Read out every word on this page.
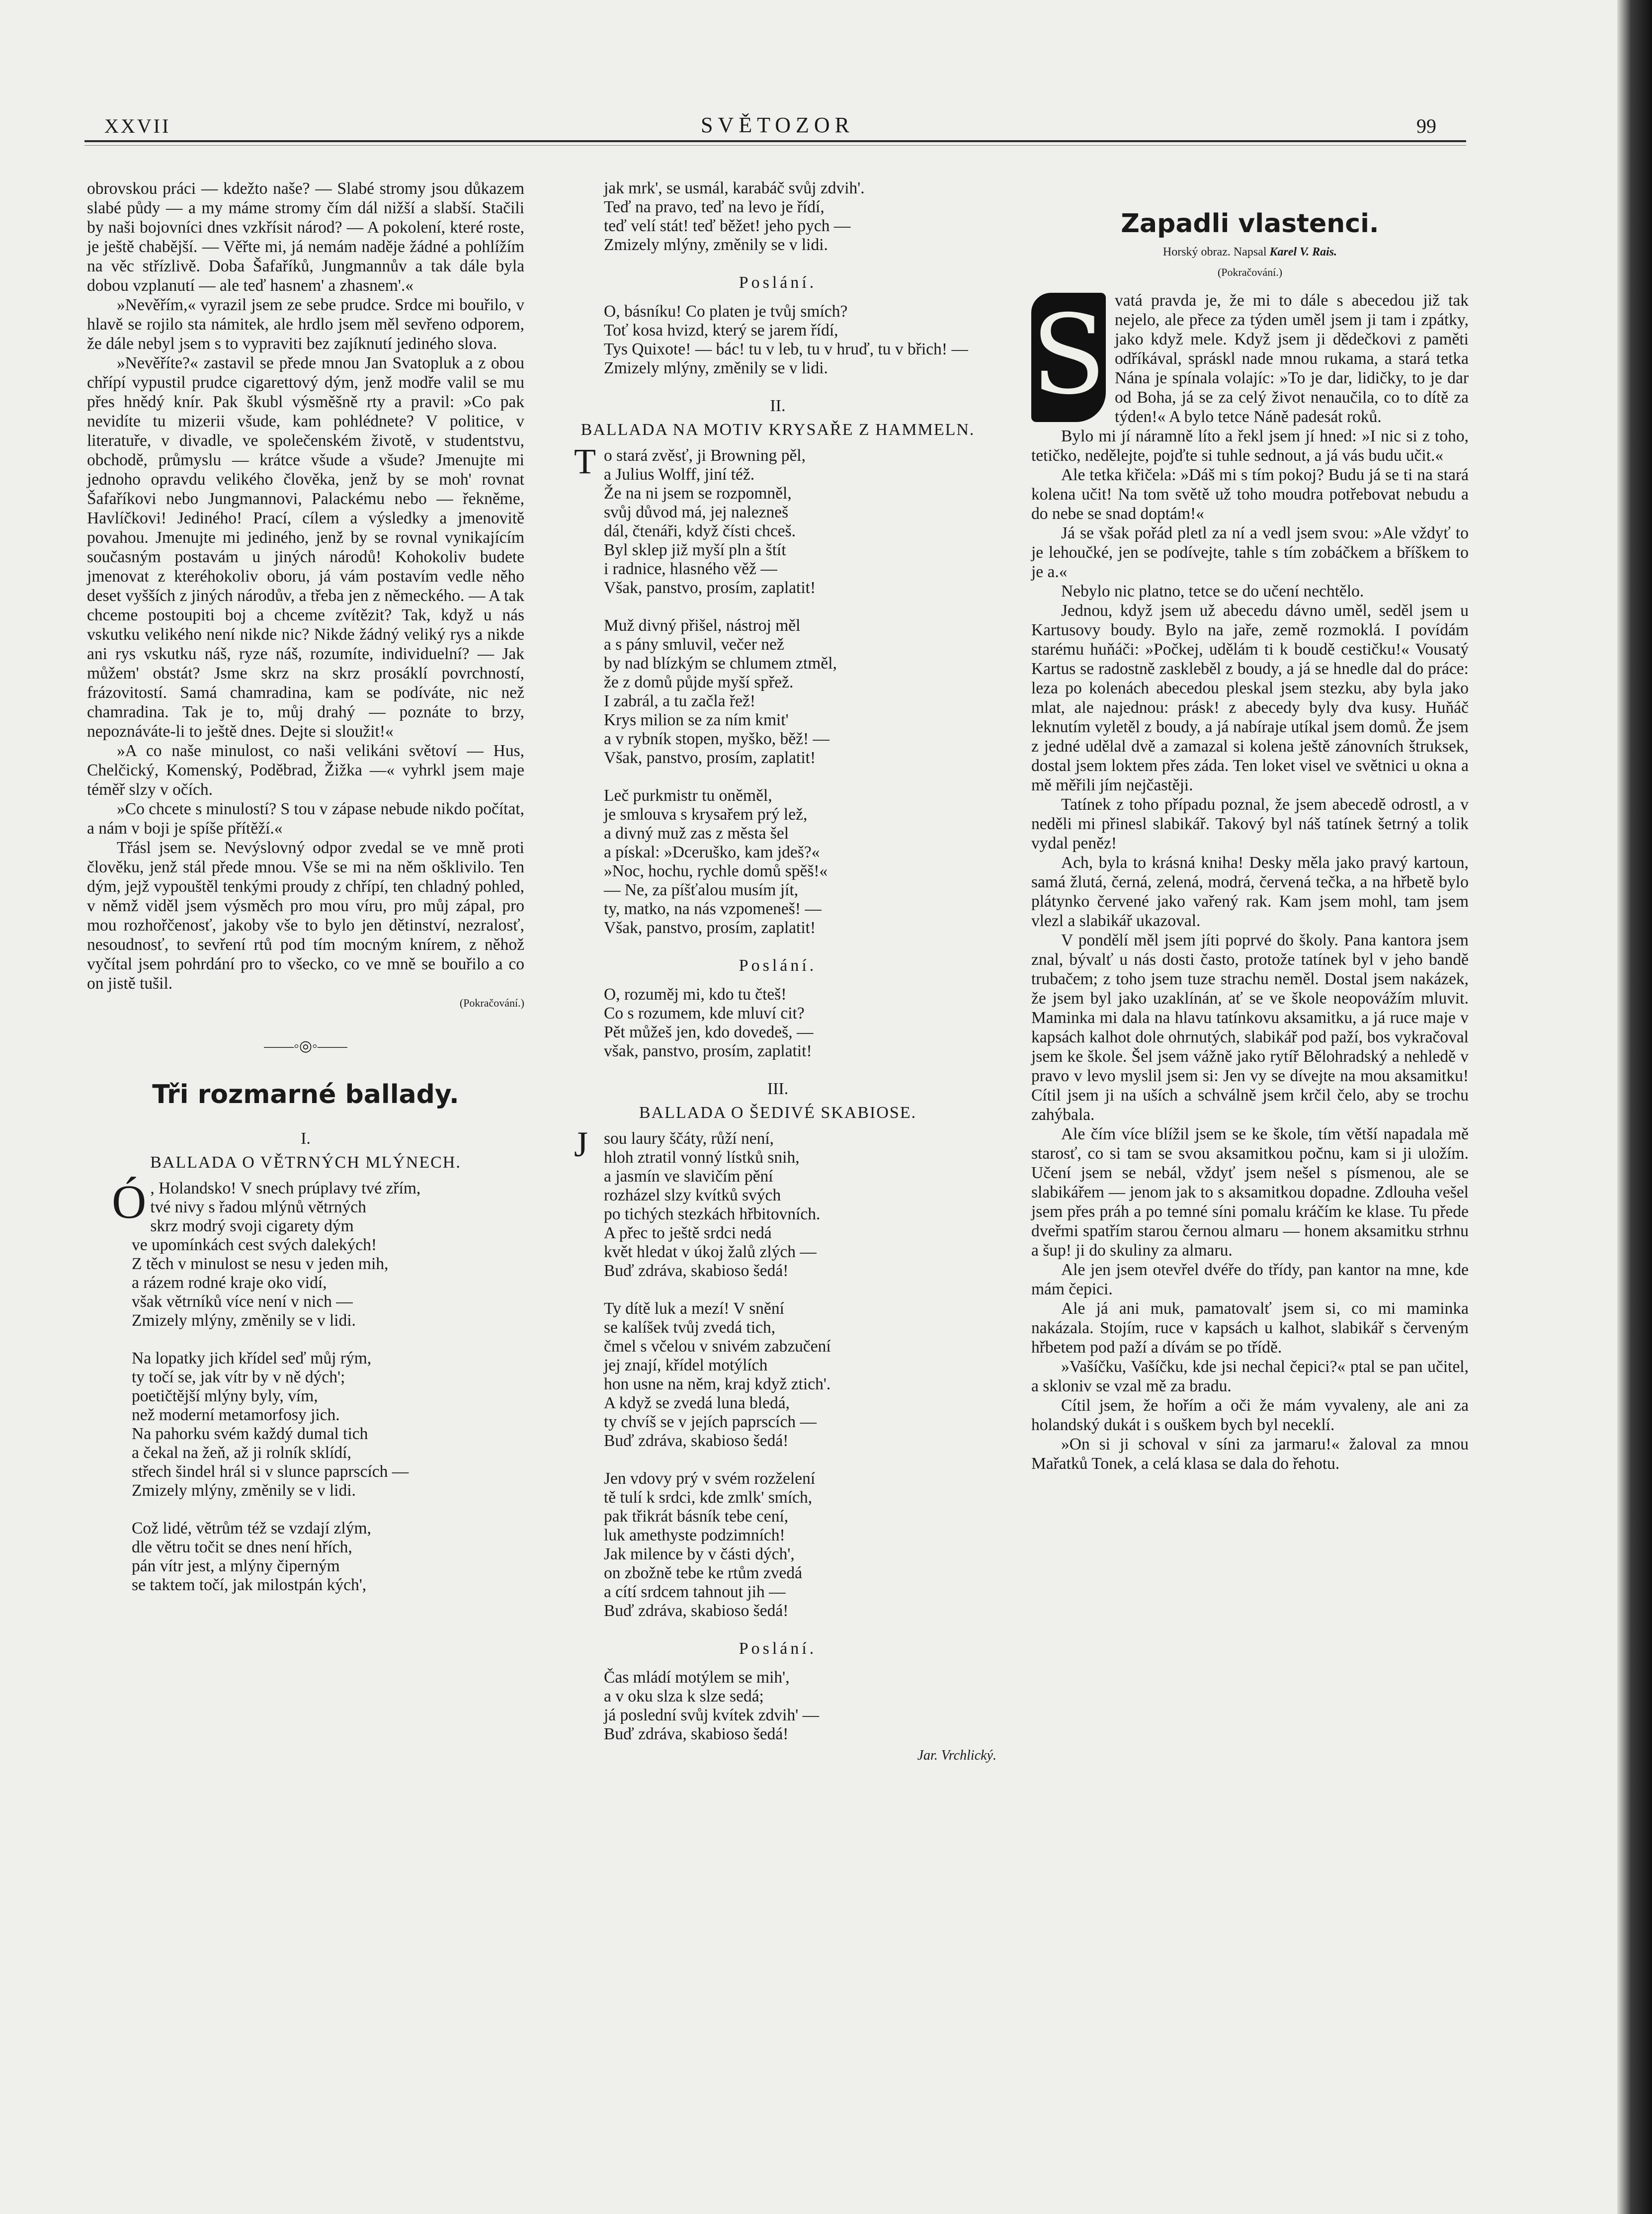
XXVII	SVĚTOZOR	99

obrovskou práci — kdežto naše? — Slabé stromy jsou důkazem slabé půdy — a my máme stromy čím dál nižší a slabší. Stačili by naši bojovníci dnes vzkřísit národ? — A pokolení, které roste, je ještě chabější. — Věřte mi, já nemám naděje žádné a pohlížím na věc střízlivě. Doba Šafaříků, Jungmannův a tak dále byla dobou vzplanutí — ale teď hasnem' a zhasnem'.«

»Nevěřím,« vyrazil jsem ze sebe prudce. Srdce mi bouřilo, v hlavě se rojilo sta námitek, ale hrdlo jsem měl sevřeno odporem, že dále nebyl jsem s to vypraviti bez zajíknutí jediného slova.

»Nevěříte?« zastavil se přede mnou Jan Svatopluk a z obou chřípí vypustil prudce cigarettový dým, jenž modře valil se mu přes hnědý knír. Pak škubl výsměšně rty a pravil: »Co pak nevidíte tu mizerii všude, kam pohlédnete? V politice, v literatuře, v divadle, ve společenském životě, v studentstvu, obchodě, průmyslu — krátce všude a všude? Jmenujte mi jednoho opravdu velikého člověka, jenž by se moh' rovnat Šafaříkovi nebo Jungmannovi, Palackému nebo — řekněme, Havlíčkovi! Jediného! Prací, cílem a výsledky a jmenovitě povahou. Jmenujte mi jediného, jenž by se rovnal vynikajícím současným postavám u jiných národů! Kohokoliv budete jmenovat z kteréhokoliv oboru, já vám postavím vedle něho deset vyšších z jiných národův, a třeba jen z německého. — A tak chceme postoupiti boj a chceme zvítězit? Tak, když u nás vskutku velikého není nikde nic? Nikde žádný veliký rys a nikde ani rys vskutku náš, ryze náš, rozumíte, individuelní? — Jak můžem' obstát? Jsme skrz na skrz prosáklí povrchností, frázovitostí. Samá chamradina, kam se podíváte, nic než chamradina. Tak je to, můj drahý — poznáte to brzy, nepoznáváte-li to ještě dnes. Dejte si sloužit!«

»A co naše minulost, co naši velikáni světoví — Hus, Chelčický, Komenský, Poděbrad, Žižka —« vyhrkl jsem maje téměř slzy v očích.

»Co chcete s minulostí? S tou v zápase nebude nikdo počítat, a nám v boji je spíše přítěží.«

Třásl jsem se. Nevýslovný odpor zvedal se ve mně proti člověku, jenž stál přede mnou. Vše se mi na něm ošklivilo. Ten dým, jejž vypouštěl tenkými proudy z chřípí, ten chladný pohled, v němž viděl jsem výsměch pro mou víru, pro můj zápal, pro mou rozhořčenosť, jakoby vše to bylo jen dětinství, nezralosť, nesoudnosť, to sevření rtů pod tím mocným knírem, z něhož vyčítal jsem pohrdání pro to všecko, co ve mně se bouřilo a co on jistě tušil.

(Pokračování.)
——◦◎◦——
Tři rozmarné ballady.
I.
BALLADA O VĚTRNÝCH MLÝNECH.
Ó , Holandsko! V snech prúplavy tvé zřím,
tvé nivy s řadou mlýnů větrných
skrz modrý svoji cigarety dým
ve upomínkách cest svých dalekých!
Z těch v minulost se nesu v jeden mih,
a rázem rodné kraje oko vidí,
však větrníků více není v nich —
Zmizely mlýny, změnily se v lidi.
Na lopatky jich křídel seď můj rým,
ty točí se, jak vítr by v ně dých';
poetičtější mlýny byly, vím,
než moderní metamorfosy jich.
Na pahorku svém každý dumal tich
a čekal na žeň, až ji rolník sklídí,
střech šindel hrál si v slunce paprscích —
Zmizely mlýny, změnily se v lidi.
Což lidé, větrům též se vzdají zlým,
dle větru točit se dnes není hřích,
pán vítr jest, a mlýny čiperným
se taktem točí, jak milostpán kých',
jak mrk', se usmál, karabáč svůj zdvih'.
Teď na pravo, teď na levo je řídí,
teď velí stát! teď běžet! jeho pych —
Zmizely mlýny, změnily se v lidi.
Poslání.
O, básníku! Co platen je tvůj smích?
Toť kosa hvizd, který se jarem řídí,
Tys Quixote! — bác! tu v leb, tu v hruď, tu v břich! —
Zmizely mlýny, změnily se v lidi.
II.
BALLADA NA MOTIV KRYSAŘE Z HAMMELN.
To stará zvěsť, ji Browning pěl,
a Julius Wolff, jiní též.
Že na ni jsem se rozpomněl,
svůj důvod má, jej nalezneš
dál, čtenáři, když čísti chceš.
Byl sklep již myší pln a štít
i radnice, hlasného věž —
Však, panstvo, prosím, zaplatit!
Muž divný přišel, nástroj měl
a s pány smluvil, večer než
by nad blízkým se chlumem ztměl,
že z domů půjde myší spřež.
I zabrál, a tu začla řež!
Krys milion se za ním kmit'
a v rybník stopen, myško, běž! —
Však, panstvo, prosím, zaplatit!
Leč purkmistr tu oněměl,
je smlouva s krysařem prý lež,
a divný muž zas z města šel
a pískal: »Dceruško, kam jdeš?«
»Noc, hochu, rychle domů spěš!«
— Ne, za píšťalou musím jít,
ty, matko, na nás vzpomeneš! —
Však, panstvo, prosím, zaplatit!
Poslání.
O, rozuměj mi, kdo tu čteš!
Co s rozumem, kde mluví cit?
Pět můžeš jen, kdo dovedeš, —
však, panstvo, prosím, zaplatit!
III.
BALLADA O ŠEDIVÉ SKABIOSE.
Jsou laury ščáty, růží není,
hloh ztratil vonný lístků snih,
a jasmín ve slavičím pění
rozházel slzy kvítků svých
po tichých stezkách hřbitovních.
A přec to ještě srdci nedá
květ hledat v úkoj žalů zlých —
Buď zdráva, skabioso šedá!
Ty dítě luk a mezí! V snění
se kalíšek tvůj zvedá tich,
čmel s včelou v snivém zabzučení
jej znají, křídel motýlích
hon usne na něm, kraj když ztich'.
A když se zvedá luna bledá,
ty chvíš se v jejích paprscích —
Buď zdráva, skabioso šedá!
Jen vdovy prý v svém rozželení
tě tulí k srdci, kde zmlk' smích,
pak třikrát básník tebe cení,
luk amethyste podzimních!
Jak milence by v části dých',
on zbožně tebe ke rtům zvedá
a cítí srdcem tahnout jih —
Buď zdráva, skabioso šedá!
Poslání.
Čas mládí motýlem se mih',
a v oku slza k slze sedá;
já poslední svůj kvítek zdvih' —
Buď zdráva, skabioso šedá!
Jar. Vrchlický.
Zapadli vlastenci.
Horský obraz. Napsal Karel V. Rais.
(Pokračování.)
S vatá pravda je, že mi to dále s abecedou již tak nejelo, ale přece za týden uměl jsem ji tam i zpátky, jako když mele. Když jsem ji dědečkovi z paměti odříkával, spráskl nade mnou rukama, a stará tetka Nána je spínala volajíc: »To je dar, lidičky, to je dar od Boha, já se za celý život nenaučila, co to dítě za týden!« A bylo tetce Náně padesát roků.

Bylo mi jí náramně líto a řekl jsem jí hned: »I nic si z toho, tetičko, nedělejte, pojďte si tuhle sednout, a já vás budu učit.«

Ale tetka křičela: »Dáš mi s tím pokoj? Budu já se ti na stará kolena učit! Na tom světě už toho moudra potřebovat nebudu a do nebe se snad doptám!«

Já se však pořád pletl za ní a vedl jsem svou: »Ale vždyť to je lehoučké, jen se podívejte, tahle s tím zobáčkem a bříškem to je a.«

Nebylo nic platno, tetce se do učení nechtělo.

Jednou, když jsem už abecedu dávno uměl, seděl jsem u Kartusovy boudy. Bylo na jaře, země rozmoklá. I povídám starému huňáči: »Počkej, udělám ti k boudě cestičku!« Vousatý Kartus se radostně zaskleběl z boudy, a já se hnedle dal do práce: leza po kolenách abecedou pleskal jsem stezku, aby byla jako mlat, ale najednou: prásk! z abecedy byly dva kusy. Huňáč leknutím vyletěl z boudy, a já nabíraje utíkal jsem domů. Že jsem z jedné udělal dvě a zamazal si kolena ještě zánovních štruksek, dostal jsem loktem přes záda. Ten loket visel ve světnici u okna a mě měřili jím nejčastěji.

Tatínek z toho případu poznal, že jsem abecedě odrostl, a v neděli mi přinesl slabikář. Takový byl náš tatínek šetrný a tolik vydal peněz!

Ach, byla to krásná kniha! Desky měla jako pravý kartoun, samá žlutá, černá, zelená, modrá, červená tečka, a na hřbetě bylo plátynko červené jako vařený rak. Kam jsem mohl, tam jsem vlezl a slabikář ukazoval.

V pondělí měl jsem jíti poprvé do školy. Pana kantora jsem znal, bývalť u nás dosti často, protože tatínek byl v jeho bandě trubačem; z toho jsem tuze strachu neměl. Dostal jsem nakázek, že jsem byl jako uzaklínán, ať se ve škole neopovážím mluvit. Maminka mi dala na hlavu tatínkovu aksamitku, a já ruce maje v kapsách kalhot dole ohrnutých, slabikář pod paží, bos vykračoval jsem ke škole. Šel jsem vážně jako rytíř Bělohradský a nehledě v pravo v levo myslil jsem si: Jen vy se dívejte na mou aksamitku! Cítil jsem ji na uších a schválně jsem krčil čelo, aby se trochu zahýbala.

Ale čím více blížil jsem se ke škole, tím větší napadala mě starosť, co si tam se svou aksamitkou počnu, kam si ji uložím. Učení jsem se nebál, vždyť jsem nešel s písmenou, ale se slabikářem — jenom jak to s aksamitkou dopadne. Zdlouha vešel jsem přes práh a po temné síni pomalu kráčím ke klase. Tu přede dveřmi spatřím starou černou almaru — honem aksamitku strhnu a šup! ji do skuliny za almaru.

Ale jen jsem otevřel dvéře do třídy, pan kantor na mne, kde mám čepici.

Ale já ani muk, pamatovalť jsem si, co mi maminka nakázala. Stojím, ruce v kapsách u kalhot, slabikář s červeným hřbetem pod paží a dívám se po třídě.

»Vašíčku, Vašíčku, kde jsi nechal čepici?« ptal se pan učitel, a skloniv se vzal mě za bradu.

Cítil jsem, že hořím a oči že mám vyvaleny, ale ani za holandský dukát i s ouškem bych byl neceklí.

»On si ji schoval v síni za jarmaru!« žaloval za mnou Mařatků Tonek, a celá klasa se dala do řehotu.
